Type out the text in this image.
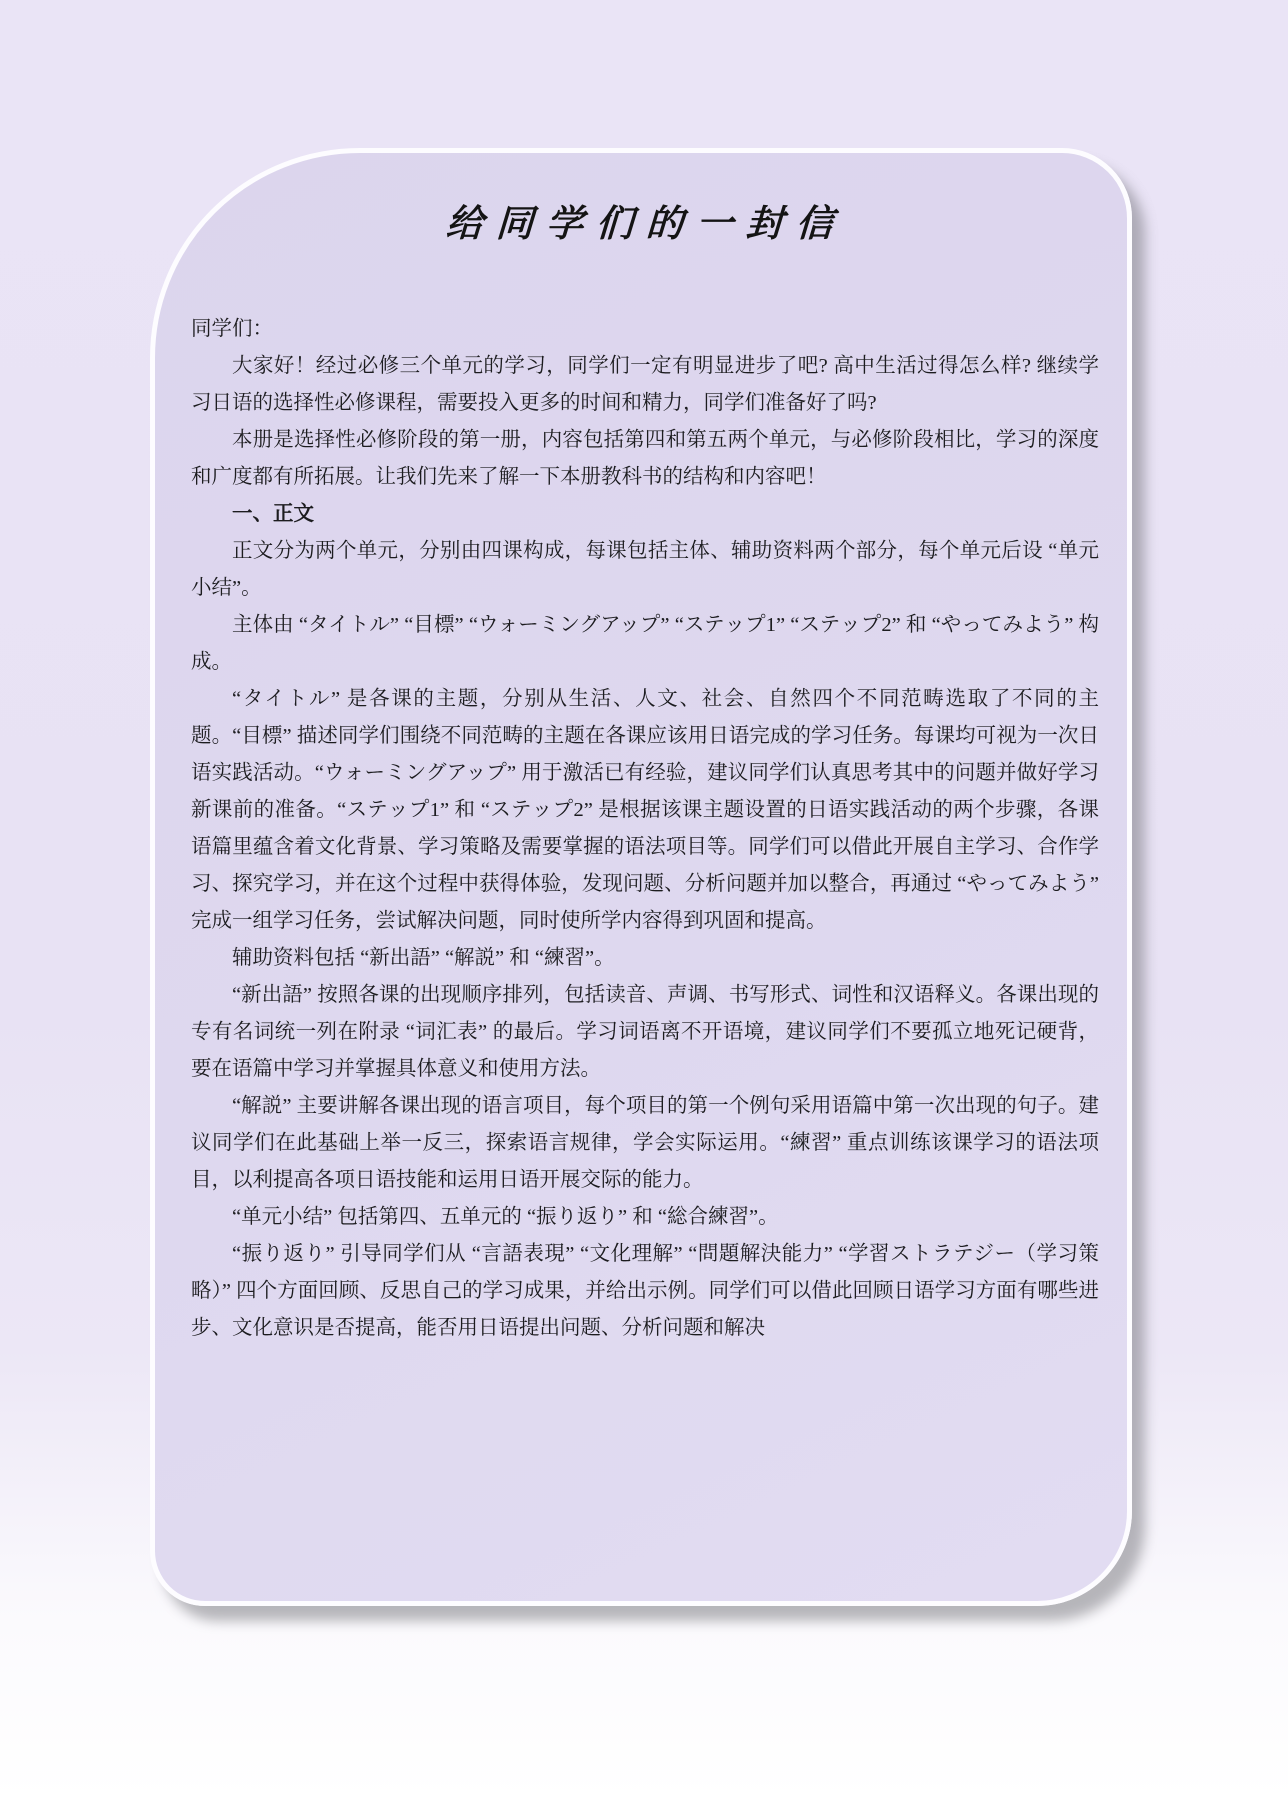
给同学们的一封信

同学们：

大家好！经过必修三个单元的学习，同学们一定有明显进步了吧? 高中生活过得怎么样? 继续学习日语的选择性必修课程，需要投入更多的时间和精力，同学们准备好了吗?

本册是选择性必修阶段的第一册，内容包括第四和第五两个单元，与必修阶段相比，学习的深度和广度都有所拓展。让我们先来了解一下本册教科书的结构和内容吧！

一、正文

正文分为两个单元，分别由四课构成，每课包括主体、辅助资料两个部分，每个单元后设 “单元小结”。

主体由 “タイトル” “目標” “ウォーミングアップ” “ステップ1” “ステップ2” 和 “やってみよう” 构成。

“タイトル” 是各课的主题，分别从生活、人文、社会、自然四个不同范畴选取了不同的主题。“目標” 描述同学们围绕不同范畴的主题在各课应该用日语完成的学习任务。每课均可视为一次日语实践活动。“ウォーミングアップ” 用于激活已有经验，建议同学们认真思考其中的问题并做好学习新课前的准备。“ステップ1” 和 “ステップ2” 是根据该课主题设置的日语实践活动的两个步骤，各课语篇里蕴含着文化背景、学习策略及需要掌握的语法项目等。同学们可以借此开展自主学习、合作学习、探究学习，并在这个过程中获得体验，发现问题、分析问题并加以整合，再通过 “やってみよう” 完成一组学习任务，尝试解决问题，同时使所学内容得到巩固和提高。

辅助资料包括 “新出語” “解説” 和 “練習”。

“新出語” 按照各课的出现顺序排列，包括读音、声调、书写形式、词性和汉语释义。各课出现的专有名词统一列在附录 “词汇表” 的最后。学习词语离不开语境，建议同学们不要孤立地死记硬背，要在语篇中学习并掌握具体意义和使用方法。

“解説” 主要讲解各课出现的语言项目，每个项目的第一个例句采用语篇中第一次出现的句子。建议同学们在此基础上举一反三，探索语言规律，学会实际运用。“練習” 重点训练该课学习的语法项目，以利提高各项日语技能和运用日语开展交际的能力。

“单元小结” 包括第四、五单元的 “振り返り” 和 “総合練習”。

“振り返り” 引导同学们从 “言語表現” “文化理解” “問題解決能力” “学習ストラテジー（学习策略）” 四个方面回顾、反思自己的学习成果，并给出示例。同学们可以借此回顾日语学习方面有哪些进步、文化意识是否提高，能否用日语提出问题、分析问题和解决
